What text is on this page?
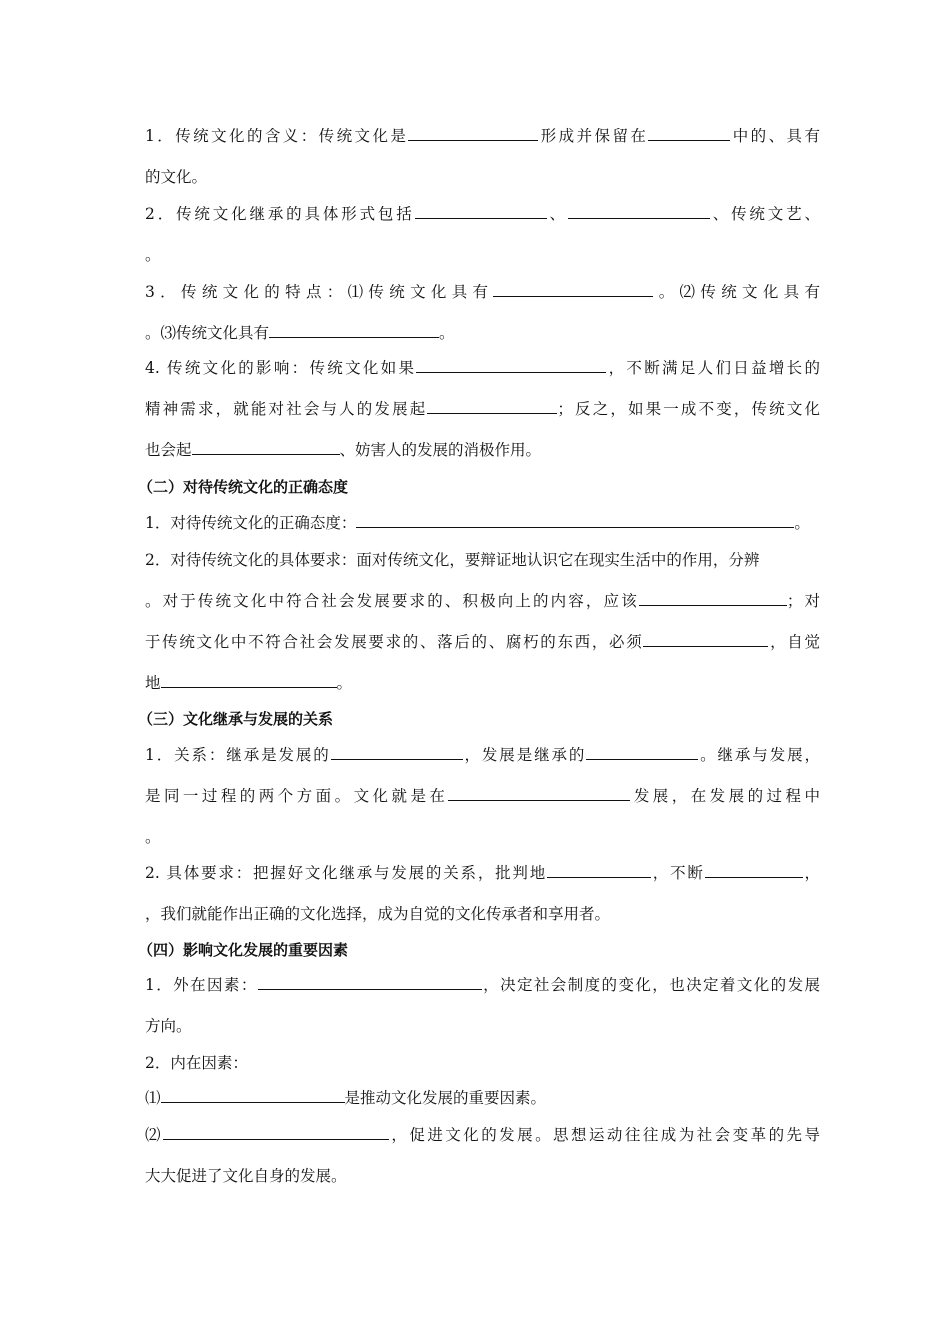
1．传统文化的含义：传统文化是	形成并保留在	中的、具有
的文化。
2．传统文化继承的具体形式包括	、	、传统文艺、
。
3．传统文化的特点：⑴传统文化具有	。⑵传统文化具有
。⑶传统文化具有	。
4. 传统文化的影响：传统文化如果	，不断满足人们日益增长的
精神需求，就能对社会与人的发展起	；反之，如果一成不变，传统文化
也会起	、妨害人的发展的消极作用。
（二）对待传统文化的正确态度
1．对待传统文化的正确态度：	。
2．对待传统文化的具体要求：面对传统文化，要辩证地认识它在现实生活中的作用，分辨
。对于传统文化中符合社会发展要求的、积极向上的内容，应该	；对
于传统文化中不符合社会发展要求的、落后的、腐朽的东西，必须	，自觉
地	。
（三）文化继承与发展的关系
1．关系：继承是发展的	，发展是继承的	。继承与发展，
是同一过程的两个方面。文化就是在	发展，在发展的过程中
。
2. 具体要求：把握好文化继承与发展的关系，批判地	，不断	，
，我们就能作出正确的文化选择，成为自觉的文化传承者和享用者。
（四）影响文化发展的重要因素
1．外在因素：	，决定社会制度的变化，也决定着文化的发展
方向。
2．内在因素：
⑴	是推动文化发展的重要因素。
⑵	，促进文化的发展。思想运动往往成为社会变革的先导
大大促进了文化自身的发展。
